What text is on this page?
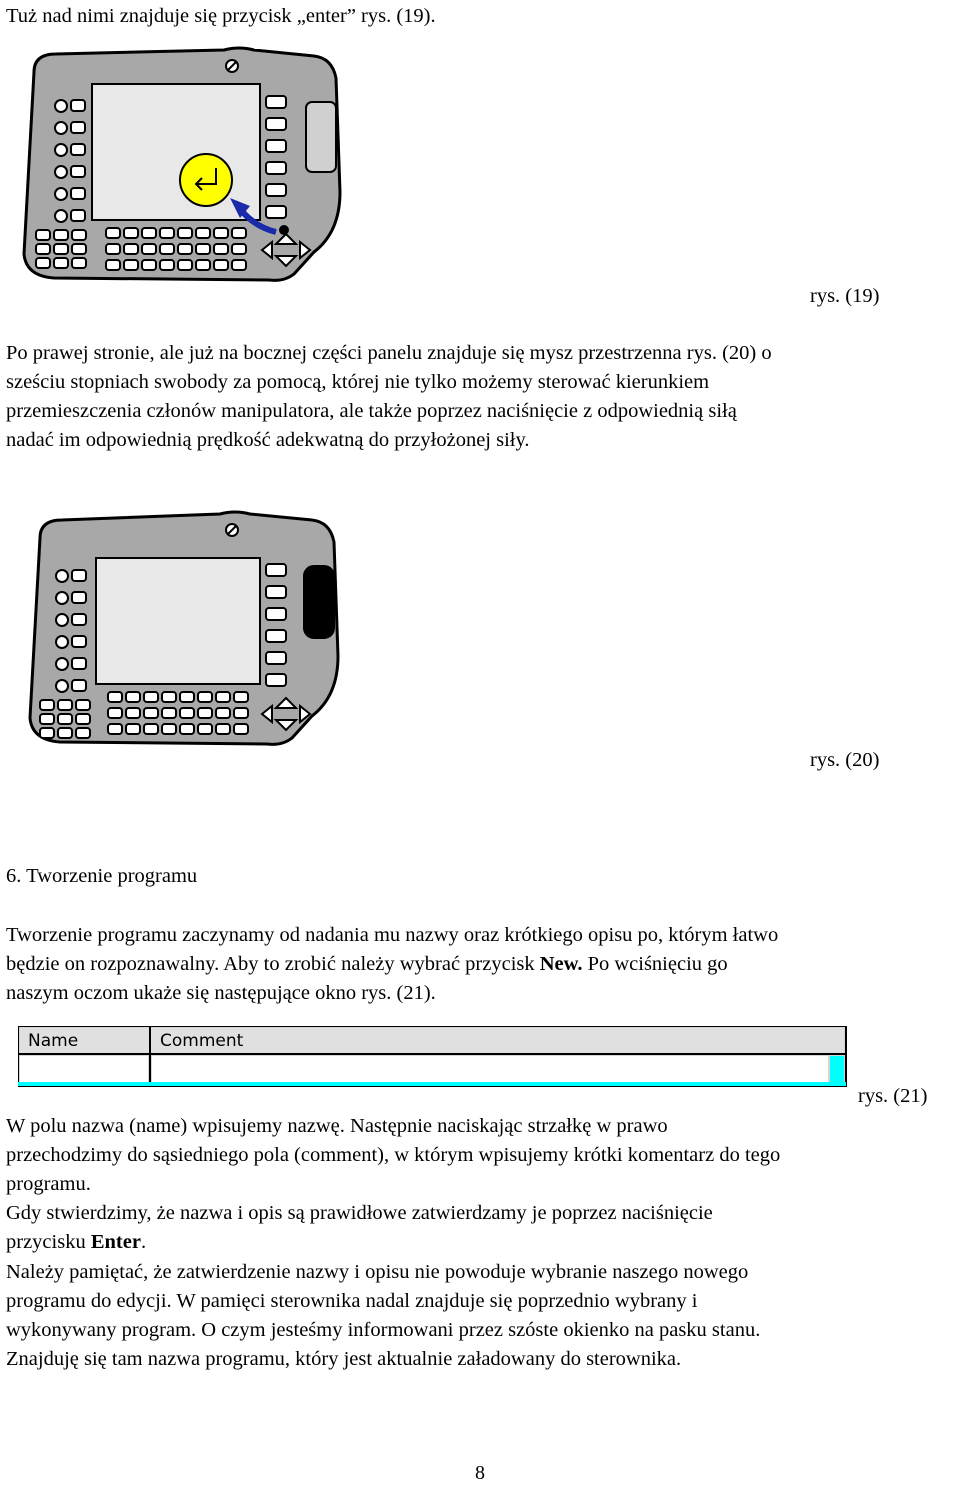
Tuż nad nimi znajduje się przycisk „enter” rys. (19).
rys. (19)
Po prawej stronie, ale już na bocznej części panelu znajduje się mysz przestrzenna rys. (20) o
sześciu stopniach swobody za pomocą, której nie tylko możemy sterować kierunkiem
przemieszczenia członów manipulatora, ale także poprzez naciśnięcie z odpowiednią siłą
nadać im odpowiednią prędkość adekwatną do przyłożonej siły.
rys. (20)
6. Tworzenie programu
Tworzenie programu zaczynamy od nadania mu nazwy oraz krótkiego opisu po, którym łatwo
będzie on rozpoznawalny. Aby to zrobić należy wybrać przycisk New. Po wciśnięciu go
naszym oczom ukaże się następujące okno rys. (21).
Name	Comment
rys. (21)
W polu nazwa (name) wpisujemy nazwę. Następnie naciskając strzałkę w prawo
przechodzimy do sąsiedniego pola (comment), w którym wpisujemy krótki komentarz do tego
programu.
Gdy stwierdzimy, że nazwa i opis są prawidłowe zatwierdzamy je poprzez naciśnięcie
przycisku Enter.
Należy pamiętać, że zatwierdzenie nazwy i opisu nie powoduje wybranie naszego nowego
programu do edycji. W pamięci sterownika nadal znajduje się poprzednio wybrany i
wykonywany program. O czym jesteśmy informowani przez szóste okienko na pasku stanu.
Znajduję się tam nazwa programu, który jest aktualnie załadowany do sterownika.
8
